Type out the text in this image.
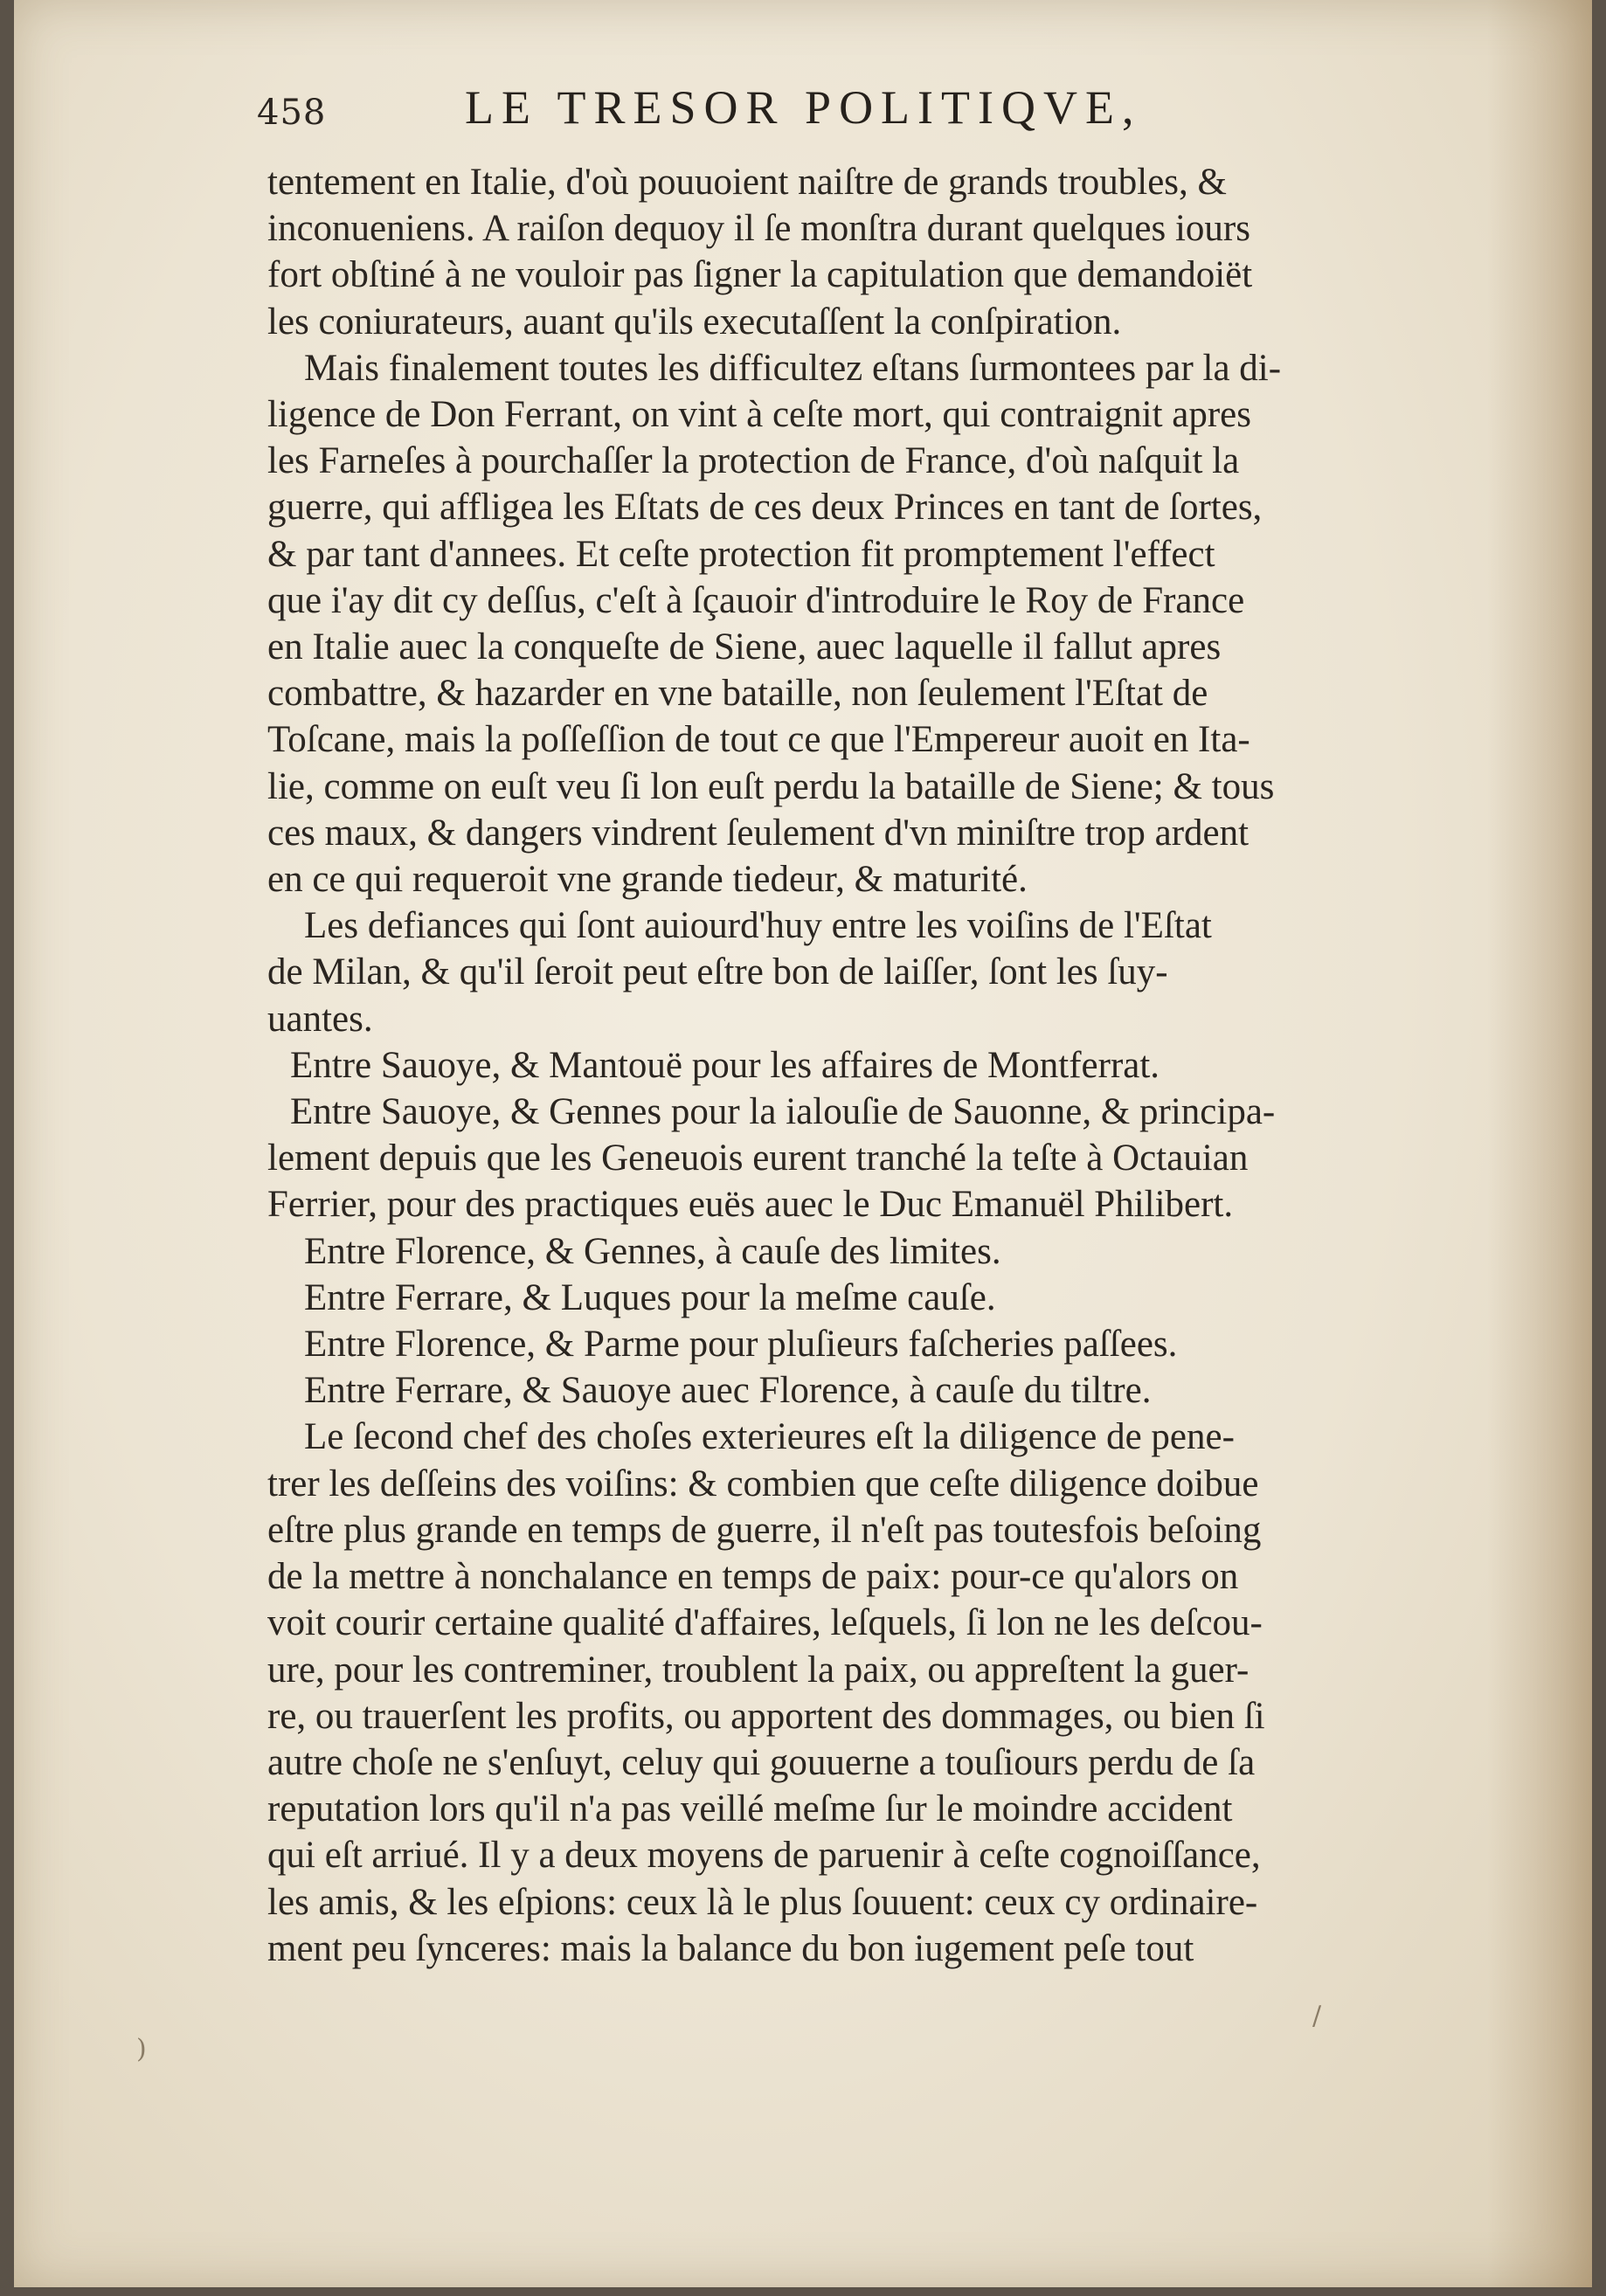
458	LE TRESOR POLITIQVE,
tentement en Italie, d'où pouuoient naiſtre de grands troubles, &
inconueniens. A raiſon dequoy il ſe monſtra durant quelques iours
fort obſtiné à ne vouloir pas ſigner la capitulation que demandoiët
les coniurateurs, auant qu'ils executaſſent la conſpiration.
Mais finalement toutes les difficultez eſtans ſurmontees par la di-
ligence de Don Ferrant, on vint à ceſte mort, qui contraignit apres
les Farneſes à pourchaſſer la protection de France, d'où naſquit la
guerre, qui affligea les Eſtats de ces deux Princes en tant de ſortes,
& par tant d'annees. Et ceſte protection fit promptement l'effect
que i'ay dit cy deſſus, c'eſt à ſçauoir d'introduire le Roy de France
en Italie auec la conqueſte de Siene, auec laquelle il fallut apres
combattre, & hazarder en vne bataille, non ſeulement l'Eſtat de
Toſcane, mais la poſſeſſion de tout ce que l'Empereur auoit en Ita-
lie, comme on euſt veu ſi lon euſt perdu la bataille de Siene; & tous
ces maux, & dangers vindrent ſeulement d'vn miniſtre trop ardent
en ce qui requeroit vne grande tiedeur, & maturité.
Les defiances qui ſont auiourd'huy entre les voiſins de l'Eſtat
de Milan, & qu'il ſeroit peut eſtre bon de laiſſer, ſont les ſuy-
uantes.
Entre Sauoye, & Mantouë pour les affaires de Montferrat.
Entre Sauoye, & Gennes pour la ialouſie de Sauonne, & principa-
lement depuis que les Geneuois eurent tranché la teſte à Octauian
Ferrier, pour des practiques euës auec le Duc Emanuël Philibert.
Entre Florence, & Gennes, à cauſe des limites.
Entre Ferrare, & Luques pour la meſme cauſe.
Entre Florence, & Parme pour pluſieurs faſcheries paſſees.
Entre Ferrare, & Sauoye auec Florence, à cauſe du tiltre.
Le ſecond chef des choſes exterieures eſt la diligence de pene-
trer les deſſeins des voiſins: & combien que ceſte diligence doibue
eſtre plus grande en temps de guerre, il n'eſt pas toutesfois beſoing
de la mettre à nonchalance en temps de paix: pour-ce qu'alors on
voit courir certaine qualité d'affaires, leſquels, ſi lon ne les deſcou-
ure, pour les contreminer, troublent la paix, ou appreſtent la guer-
re, ou trauerſent les profits, ou apportent des dommages, ou bien ſi
autre choſe ne s'enſuyt, celuy qui gouuerne a touſiours perdu de ſa
reputation lors qu'il n'a pas veillé meſme ſur le moindre accident
qui eſt arriué. Il y a deux moyens de paruenir à ceſte cognoiſſance,
les amis, & les eſpions: ceux là le plus ſouuent: ceux cy ordinaire-
ment peu ſynceres: mais la balance du bon iugement peſe tout
)
/
